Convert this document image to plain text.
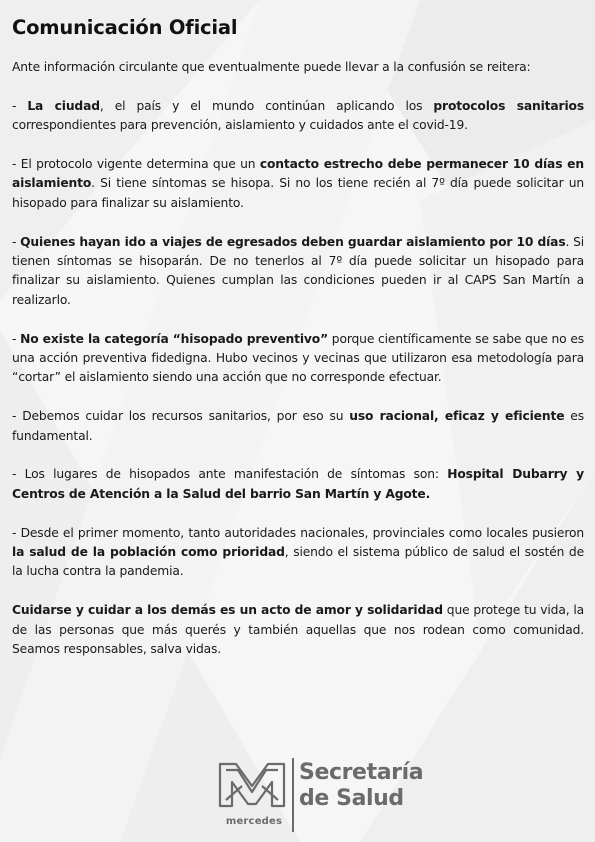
Comunicación Oficial

Ante información circulante que eventualmente puede llevar a la confusión se reitera:

- La ciudad, el país y el mundo continúan aplicando los protocolos sanitarios correspondientes para prevención, aislamiento y cuidados ante el covid-19.

- El protocolo vigente determina que un contacto estrecho debe permanecer 10 días en aislamiento. Si tiene síntomas se hisopa. Si no los tiene recién al 7º día puede solicitar un hisopado para finalizar su aislamiento.

- Quienes hayan ido a viajes de egresados deben guardar aislamiento por 10 días. Si tienen síntomas se hisoparán. De no tenerlos al 7º día puede solicitar un hisopado para finalizar su aislamiento. Quienes cumplan las condiciones pueden ir al CAPS San Martín a realizarlo.

- No existe la categoría “hisopado preventivo” porque científicamente se sabe que no es una acción preventiva fidedigna. Hubo vecinos y vecinas que utilizaron esa metodología para “cortar” el aislamiento siendo una acción que no corresponde efectuar.

- Debemos cuidar los recursos sanitarios, por eso su uso racional, eficaz y eficiente es fundamental.

- Los lugares de hisopados ante manifestación de síntomas son: Hospital Dubarry y Centros de Atención a la Salud del barrio San Martín y Agote.

- Desde el primer momento, tanto autoridades nacionales, provinciales como locales pusieron la salud de la población como prioridad, siendo el sistema público de salud el sostén de la lucha contra la pandemia.

Cuidarse y cuidar a los demás es un acto de amor y solidaridad que protege tu vida, la de las personas que más querés y también aquellas que nos rodean como comunidad. Seamos responsables, salva vidas.

mercedes
Secretaría
de Salud
